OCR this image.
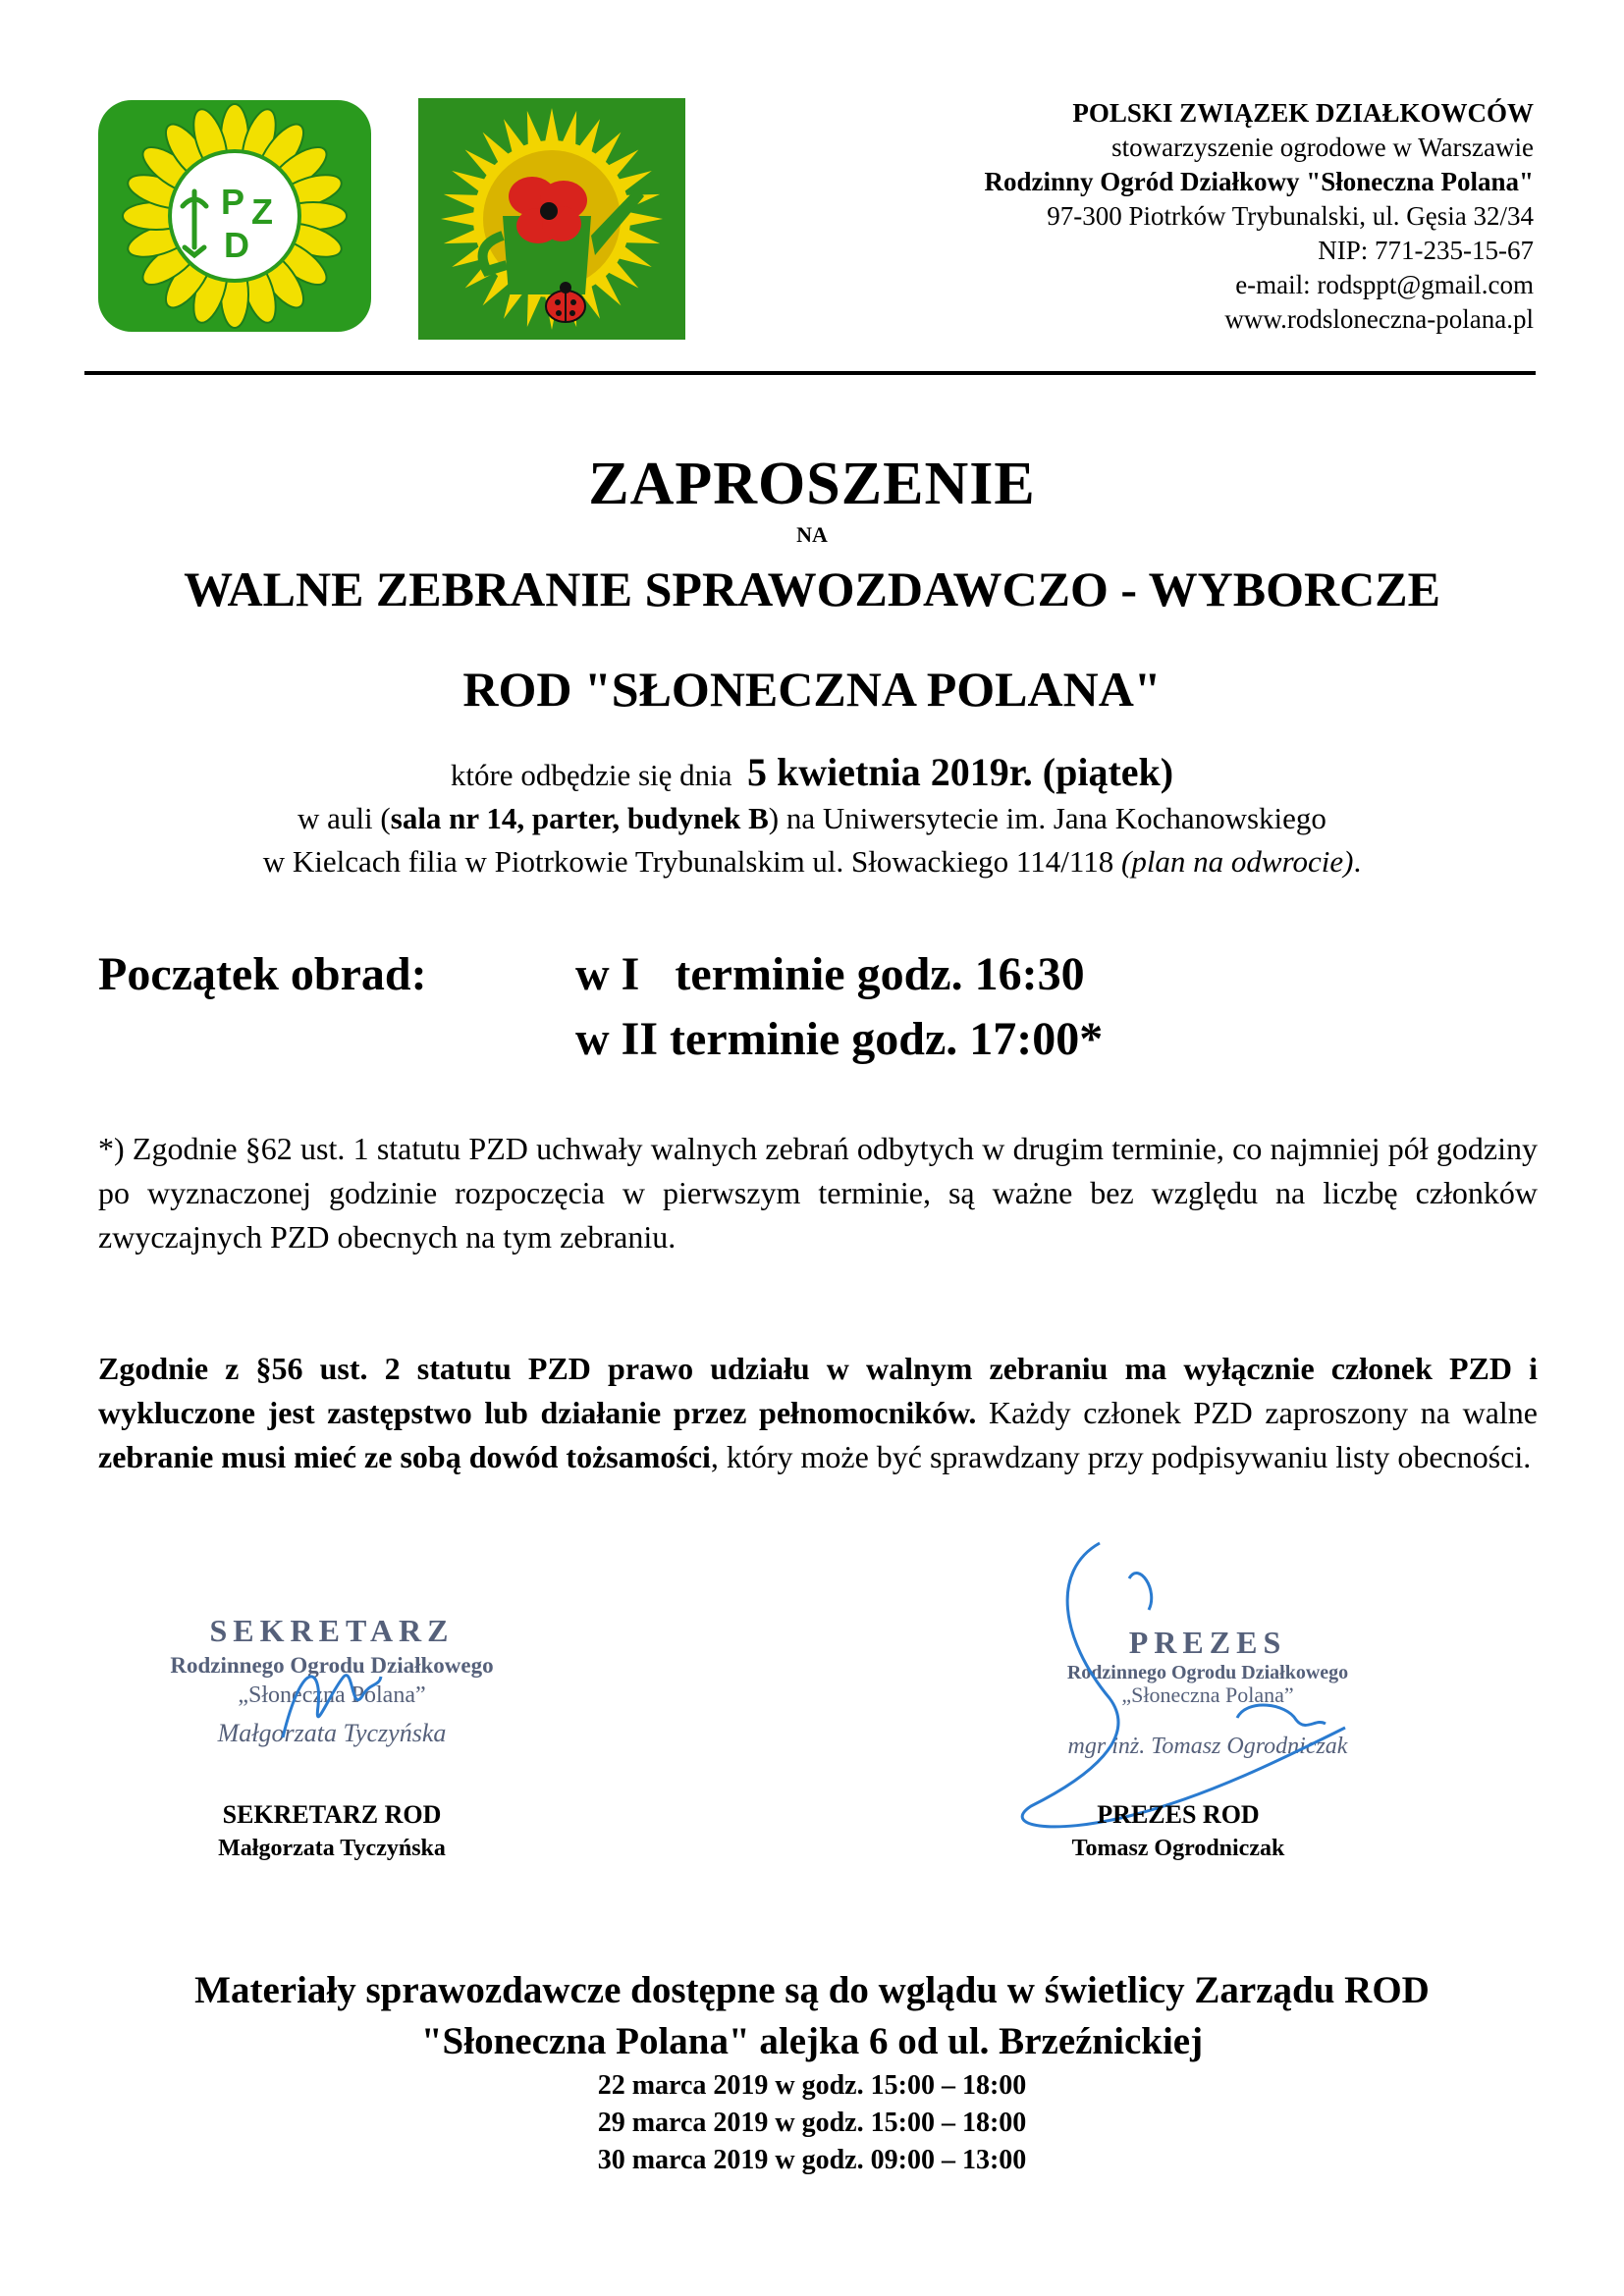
P Z
D
POLSKI ZWIĄZEK DZIAŁKOWCÓW
stowarzyszenie ogrodowe w Warszawie
Rodzinny Ogród Działkowy "Słoneczna Polana"
97-300 Piotrków Trybunalski, ul. Gęsia 32/34
NIP: 771-235-15-67
e-mail: rodsppt@gmail.com
www.rodsloneczna-polana.pl
ZAPROSZENIE
NA
WALNE ZEBRANIE SPRAWOZDAWCZO - WYBORCZE
ROD "SŁONECZNA POLANA"
które odbędzie się dnia 5 kwietnia 2019r. (piątek)
w auli (sala nr 14, parter, budynek B) na Uniwersytecie im. Jana Kochanowskiego
w Kielcach filia w Piotrkowie Trybunalskim ul. Słowackiego 114/118 (plan na odwrocie).
Początek obrad:	w I   terminie godz. 16:30
w II terminie godz. 17:00*

*) Zgodnie §62 ust. 1 statutu PZD uchwały walnych zebrań odbytych w drugim terminie, co najmniej pół godziny po wyznaczonej godzinie rozpoczęcia w pierwszym terminie, są ważne bez względu na liczbę członków zwyczajnych PZD obecnych na tym zebraniu.

Zgodnie z §56 ust. 2 statutu PZD prawo udziału w walnym zebraniu ma wyłącznie członek PZD i wykluczone jest zastępstwo lub działanie przez pełnomocników. Każdy członek PZD zaproszony na walne zebranie musi mieć ze sobą dowód tożsamości, który może być sprawdzany przy podpisywaniu listy obecności.

SEKRETARZ
Rodzinnego Ogrodu Działkowego
„Słoneczna Polana”
Małgorzata Tyczyńska
SEKRETARZ ROD
Małgorzata Tyczyńska
PREZES
Rodzinnego Ogrodu Działkowego
„Słoneczna Polana”
mgr inż. Tomasz Ogrodniczak
PREZES ROD
Tomasz Ogrodniczak
Materiały sprawozdawcze dostępne są do wglądu w świetlicy Zarządu ROD
"Słoneczna Polana" alejka 6 od ul. Brzeźnickiej
22 marca 2019 w godz. 15:00 – 18:00
29 marca 2019 w godz. 15:00 – 18:00
30 marca 2019 w godz. 09:00 – 13:00
